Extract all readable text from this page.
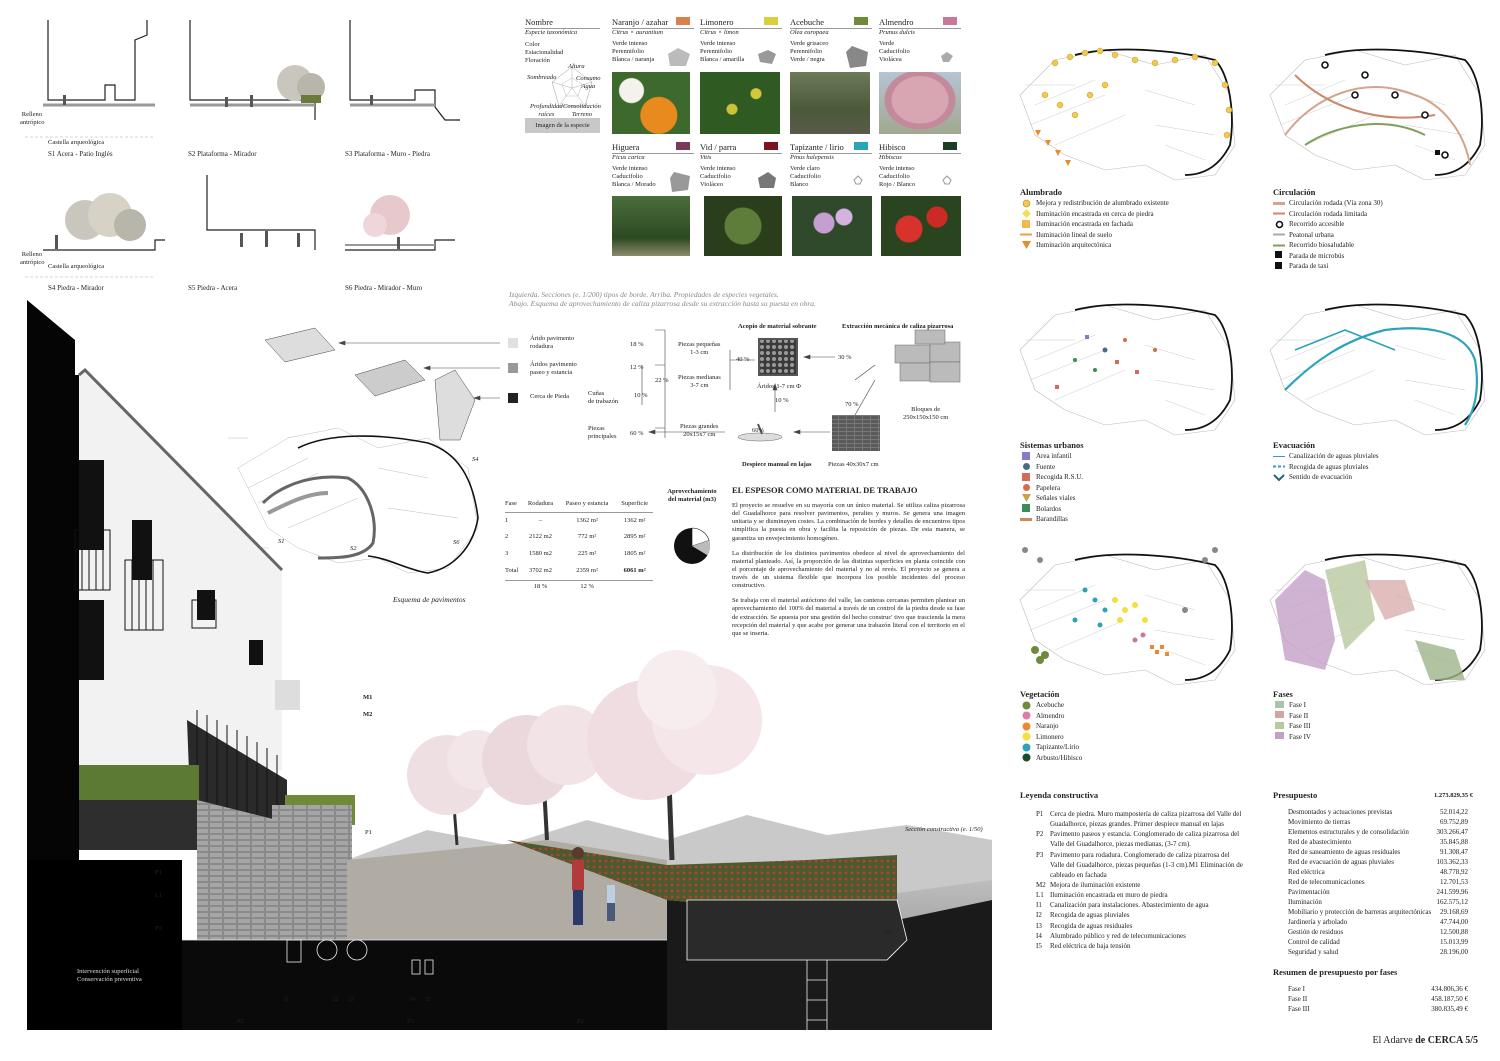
Relleno
antrópico
Relleno
antrópico
Castella arqueológica
Castella arqueológica
S1 Acera - Patio Inglés	S2 Plataforma - Mirador	S3 Plataforma - Muro - Piedra
S4 Piedra - Mirador	S5 Piedra - Acera	S6 Piedra - Mirador - Muro
Nombre
Especie taxonómica
Color
Estacionalidad
Floración
Altura
Sombreado	Consumo
Agua
Profundidad
raíces
Consolidación
Terreno
Imagen de la especie
Naranjo / azahar
Citrus × aurantium
Verde intenso
Perennifolio
Blanca / naranja
Limonero
Citrus × limon
Verde intenso
Perennifolio
Blanca / amarilla
Acebuche
Olea europaea
Verde grisaceo
Perennifolio
Verde / negra
Almendro
Prunus dulcis
Verde
Caducifolio
Violácea
Higuera
Ficus carica
Verde intenso
Caducifolio
Blanca / Morado
Vid / parra
Vitis
Verde intenso
Caducifolio
Violáceo
Tapizante / lirio
Pinus halepensis
Verde claro
Caducifolio
Blanco
Hibisco
Hibiscus
Verde intenso
Caducifolio
Rojo / Blanco
Izquierda. Secciones (e. 1/200) tipos de borde. Arriba. Propiedades de especies vegetales.
Abajo. Esquema de aprovechamiento de caliza pizarrosa desde su extracción hasta su puesta en obra.
Árido pavimento
rodadura	18 %
Áridos pavimento
paseo y estancia
12 %
Cerca de Pieda	Cuñas
de trabazón
10 %
Piezas
principales 60 %
22 %
Piezas pequeñas
1-3 cm
Piezas medianas
3-7 cm
Acopio de material sobrante
40 %
Áridos 1-7 cm Φ
10 %
Extracción mecánica de caliza pizarrosa
30 %
70 %
Bloques de
250x150x150 cm
Piezas grandes
20x15x7 cm
60%
Despiece manual en lajas	Piezas 40x30x7 cm
S4
S1
S2
S6
Esquema de pavimentos
Fase	Rodadura	Paseo y estancia	Superficie
1	–	1362 m²	1362 m²
2	2122 m2	772 m²	2895 m²
3	1580 m2	225 m²	1805 m²
Total	3702 m2	2359 m²	6061 m²
	18 %	12 %	
Aprovechamiento
del material (m3)
EL ESPESOR COMO MATERIAL DE TRABAJO
El proyecto se resuelve en su mayoría con un único material. Se utiliza caliza pizarrosa del Guadalhorce para resolver pavimentos, peraltes y muros. Se genera una imagen unitaria y se disminuyen costes. La combinación de bordes y detalles de encuentros tipos simplifica la puesta en obra y facilita la reposición de piezas. De esta manera, se garantiza un envejecimiento homogéneo.
La distribución de los distintos pavimentos obedece al nivel de aprovechamiento del material planteado. Así, la proporción de las distintas superficies en planta coincide con el porcentaje de aprovechamiento del material y no al revés. El proyecto se genera a través de un sistema flexible que incorpora los posible incidentes del proceso constructivo.
Se trabaja con el material autóctono del valle, las canteras cercanas permiten plantear un aprovechamiento del 100% del material a través de un control de la piedra desde su fase de extracción. Se apuesta por una gestión del hecho construc' tivo que trascienda la mera recepción del material y que acabe por generar una trabazón literal con el territorio en el que se inserta.
Sección constructiva (e. 1/50)
M1
M2
P1
P1
L1
P2
P3
I1	I2 I3	I4 I5
P2	P3	P2
Intervención superficial
Conservación preventiva
Alumbrado
Mejora y redistribución de alumbrado existente
Iluminación encastrada en cerca de piedra
Iluminación encastrada en fachada
Iluminación lineal de suelo
Iluminación arquitectónica
Circulación
Circulación rodada (Vía zona 30)
Circulación rodada limitada
Recorrido accesible
Peatonal urbana
Recorrido biosaludable
Parada de microbús
Parada de taxi
Sistemas urbanos
Area infantil
Fuente
Recogida R.S.U.
Papelera
Señales viales
Bolardos
Barandillas
Evacuación
Canalización de aguas pluviales
Recogida de aguas pluviales
Sentido de evacuación
Vegetación
Acebuche
Almendro
Naranjo
Limonero
Tapizante/Lirio
Arbusto/Hibisco
Fases
Fase I
Fase II
Fase III
Fase IV
Leyenda constructiva
P1 Cerca de piedra. Muro mampostería de caliza pizarrosa del Valle del Guadalhorce, piezas grandes. Primer despiece manual en lajas
P2 Pavimento paseos y estancia. Conglomerado de caliza pizarrosa del Valle del Guadalhorce, piezas medianas, (3-7 cm).
P3 Pavimento para rodadura. Conglomerado de caliza pizarrosa del Valle del Guadalhorce, piezas pequeñas (1-3 cm).M1 Eliminación de cableado en fachada
M2 Mejora de iluminación existente
L1 Iluminación encastrada en muro de piedra
I1	Canalización para instalaciones. Abastecimiento de agua
I2	Recogida de aguas pluviales
I3	Recogida de aguas residuales
I4	Alumbrado público y red de telecomunicaciones
I5	Red eléctrica de baja tensión
Presupuesto	1.273.829,35 €
Desmontados y actuaciones previstas	52.014,22
Movimiento de tierras	69.752,89
Elementos estructurales y de consolidación	303.266,47
Red de abastecimiento	35.845,88
Red de saneamiento de aguas residuales	91.308,47
Red de evacuación de aguas pluviales	103.362,33
Red eléctrica	48.778,92
Red de telecomunicaciones	12.701,53
Pavimentación	241.599,96
Iluminación	162.575,12
Mobiliario y protección de barreras arquitectónicas	29.168,69
Jardinería y arbolado	47.744,00
Gestión de residuos	12.500,88
Control de calidad	15.013,99
Seguridad y salud	28.196,00
Resumen de presupuesto por fases
Fase I	434.806,36 €
Fase II	458.187,50 €
Fase III	380.835,49 €
El Adarve de CERCA 5/5
